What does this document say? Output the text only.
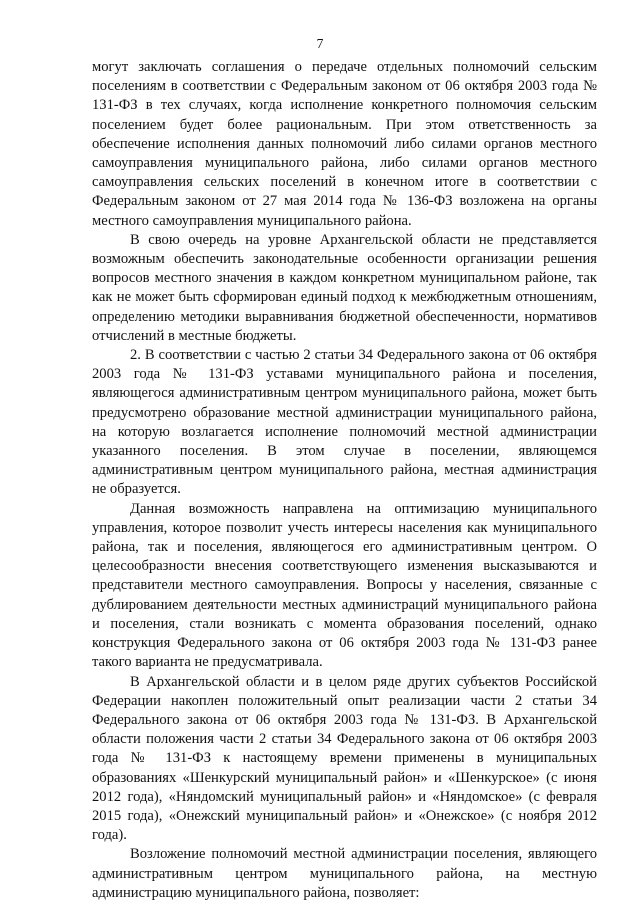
7

могут заключать соглашения о передаче отдельных полномочий сельским поселениям в соответствии с Федеральным законом от 06 октября 2003 года № 131-ФЗ в тех случаях, когда исполнение конкретного полномочия сельским поселением будет более рациональным. При этом ответственность за обеспечение исполнения данных полномочий либо силами органов местного самоуправления муниципального района, либо силами органов местного самоуправления сельских поселений в конечном итоге в соответствии с Федеральным законом от 27 мая 2014 года № 136-ФЗ возложена на органы местного самоуправления муниципального района.

В свою очередь на уровне Архангельской области не представляется возможным обеспечить законодательные особенности организации решения вопросов местного значения в каждом конкретном муниципальном районе, так как не может быть сформирован единый подход к межбюджетным отношениям, определению методики выравнивания бюджетной обеспеченности, нормативов отчислений в местные бюджеты.

2. В соответствии с частью 2 статьи 34 Федерального закона от 06 октября 2003 года № 131-ФЗ уставами муниципального района и поселения, являющегося административным центром муниципального района, может быть предусмотрено образование местной администрации муниципального района, на которую возлагается исполнение полномочий местной администрации указанного поселения. В этом случае в поселении, являющемся административным центром муниципального района, местная администрация не образуется.

Данная возможность направлена на оптимизацию муниципального управления, которое позволит учесть интересы населения как муниципального района, так и поселения, являющегося его административным центром. О целесообразности внесения соответствующего изменения высказываются и представители местного самоуправления. Вопросы у населения, связанные с дублированием деятельности местных администраций муниципального района и поселения, стали возникать с момента образования поселений, однако конструкция Федерального закона от 06 октября 2003 года № 131-ФЗ ранее такого варианта не предусматривала.

В Архангельской области и в целом ряде других субъектов Российской Федерации накоплен положительный опыт реализации части 2 статьи 34 Федерального закона от 06 октября 2003 года № 131-ФЗ. В Архангельской области положения части 2 статьи 34 Федерального закона от 06 октября 2003 года № 131-ФЗ к настоящему времени применены в муниципальных образованиях «Шенкурский муниципальный район» и «Шенкурское» (с июня 2012 года), «Няндомский муниципальный район» и «Няндомское» (с февраля 2015 года), «Онежский муниципальный район» и «Онежское» (с ноября 2012 года).

Возложение полномочий местной администрации поселения, являющего административным центром муниципального района, на местную администрацию муниципального района, позволяет:
